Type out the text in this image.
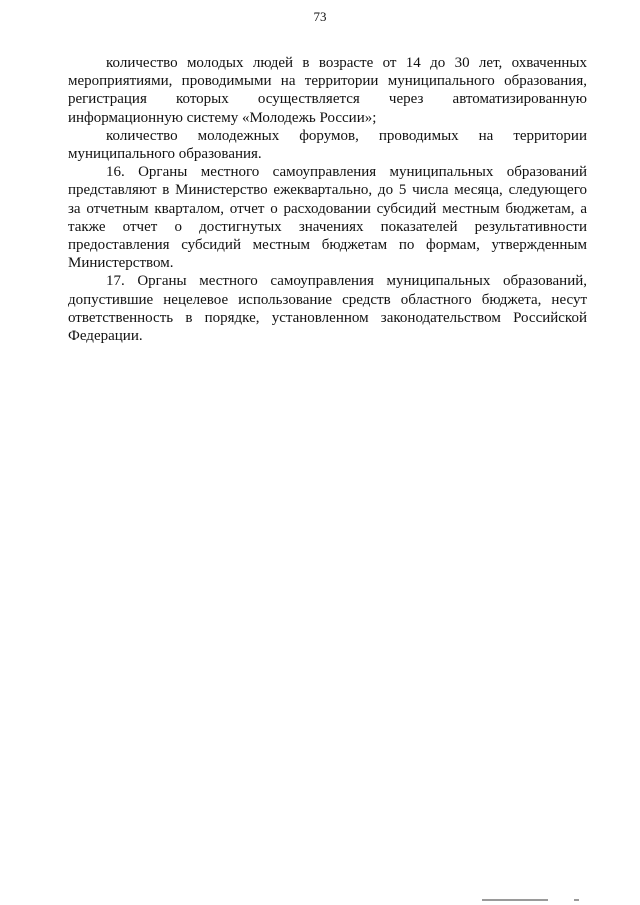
73

количество молодых людей в возрасте от 14 до 30 лет, охваченных мероприятиями, проводимыми на территории муниципального образования, регистрация которых осуществляется через автоматизированную информационную систему «Молодежь России»;

количество молодежных форумов, проводимых на территории муниципального образования.

16. Органы местного самоуправления муниципальных образований представляют в Министерство ежеквартально, до 5 числа месяца, следующего за отчетным кварталом, отчет о расходовании субсидий местным бюджетам, а также отчет о достигнутых значениях показателей результативности предоставления субсидий местным бюджетам по формам, утвержденным Министерством.

17. Органы местного самоуправления муниципальных образований, допустившие нецелевое использование средств областного бюджета, несут ответственность в порядке, установленном законодательством Российской Федерации.
